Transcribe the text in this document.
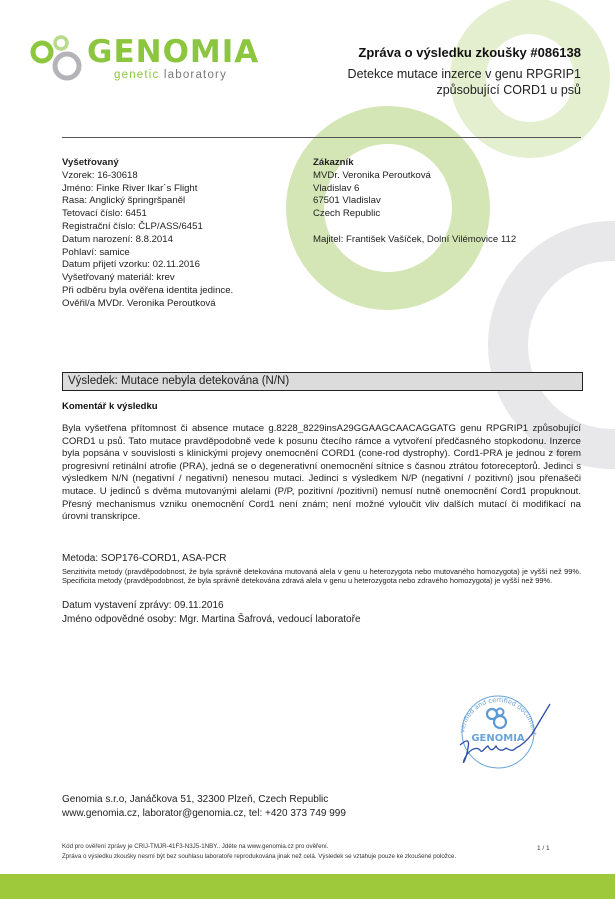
GENOMIA
genetic laboratory
Zpráva o výsledku zkoušky #086138
Detekce mutace inzerce v genu RPGRIP1
způsobující CORD1 u psů
Vyšetřovaný
Vzorek: 16-30618
Jméno: Finke River Ikar´s Flight
Rasa: Anglický špringršpaněl
Tetovací číslo: 6451
Registrační číslo: ČLP/ASS/6451
Datum narození: 8.8.2014
Pohlaví: samice
Datum přijetí vzorku: 02.11.2016
Vyšetřovaný materiál: krev
Při odběru byla ověřena identita jedince.
Ověřil/a MVDr. Veronika Peroutková
Zákazník
MVDr. Veronika Peroutková
Vladislav 6
67501 Vladislav
Czech Republic
Majitel: František Vašíček, Dolní Vilémovice 112
Výsledek: Mutace nebyla detekována (N/N)
Komentář k výsledku
Byla vyšetřena přítomnost či absence mutace g.8228_8229insA29GGAAGCAACAGGATG genu RPGRIP1 způsobující CORD1 u psů. Tato mutace pravděpodobně vede k posunu čtecího rámce a vytvoření předčasného stopkodonu. Inzerce byla popsána v souvislosti s klinickými projevy onemocnění CORD1 (cone-rod dystrophy). Cord1-PRA je jednou z forem progresivní retinální atrofie (PRA), jedná se o degenerativní onemocnění sítnice s časnou ztrátou fotoreceptorů. Jedinci s výsledkem N/N (negativní / negativní) nenesou mutaci. Jedinci s výsledkem N/P (negativní / pozitivní) jsou přenašeči mutace. U jedinců s dvěma mutovanými alelami (P/P, pozitivní /pozitivní) nemusí nutně onemocnění Cord1 propuknout. Přesný mechanismus vzniku onemocnění Cord1 není znám; není možné vyloučit vliv dalších mutací či modifikací na úrovni transkripce.
Metoda: SOP176-CORD1, ASA-PCR
Senzitivita metody (pravděpodobnost, že byla správně detekována mutovaná alela v genu u heterozygota nebo mutovaného homozygota) je vyšší než 99%. Specificita metody (pravděpodobnost, že byla správně detekována zdravá alela v genu u heterozygota nebo zdravého homozygota) je vyšší než 99%.
Datum vystavení zprávy: 09.11.2016
Jméno odpovědné osoby: Mgr. Martina Šafrová, vedoucí laboratoře
verified and certified document
GENOMIA
Genomia s.r.o, Janáčkova 51, 32300 Plzeň, Czech Republic
www.genomia.cz, laborator@genomia.cz, tel: +420 373 749 999
Kód pro ověření zprávy je CRIJ-TMJR-41F3-N3J5-1NBY.. Jděte na www.genomia.cz pro ověření.
Zpráva o výsledku zkoušky nesmí být bez souhlasu laboratoře reprodukována jinak než celá. Výsledek se vztahuje pouze ke zkoušené položce.
1 / 1
